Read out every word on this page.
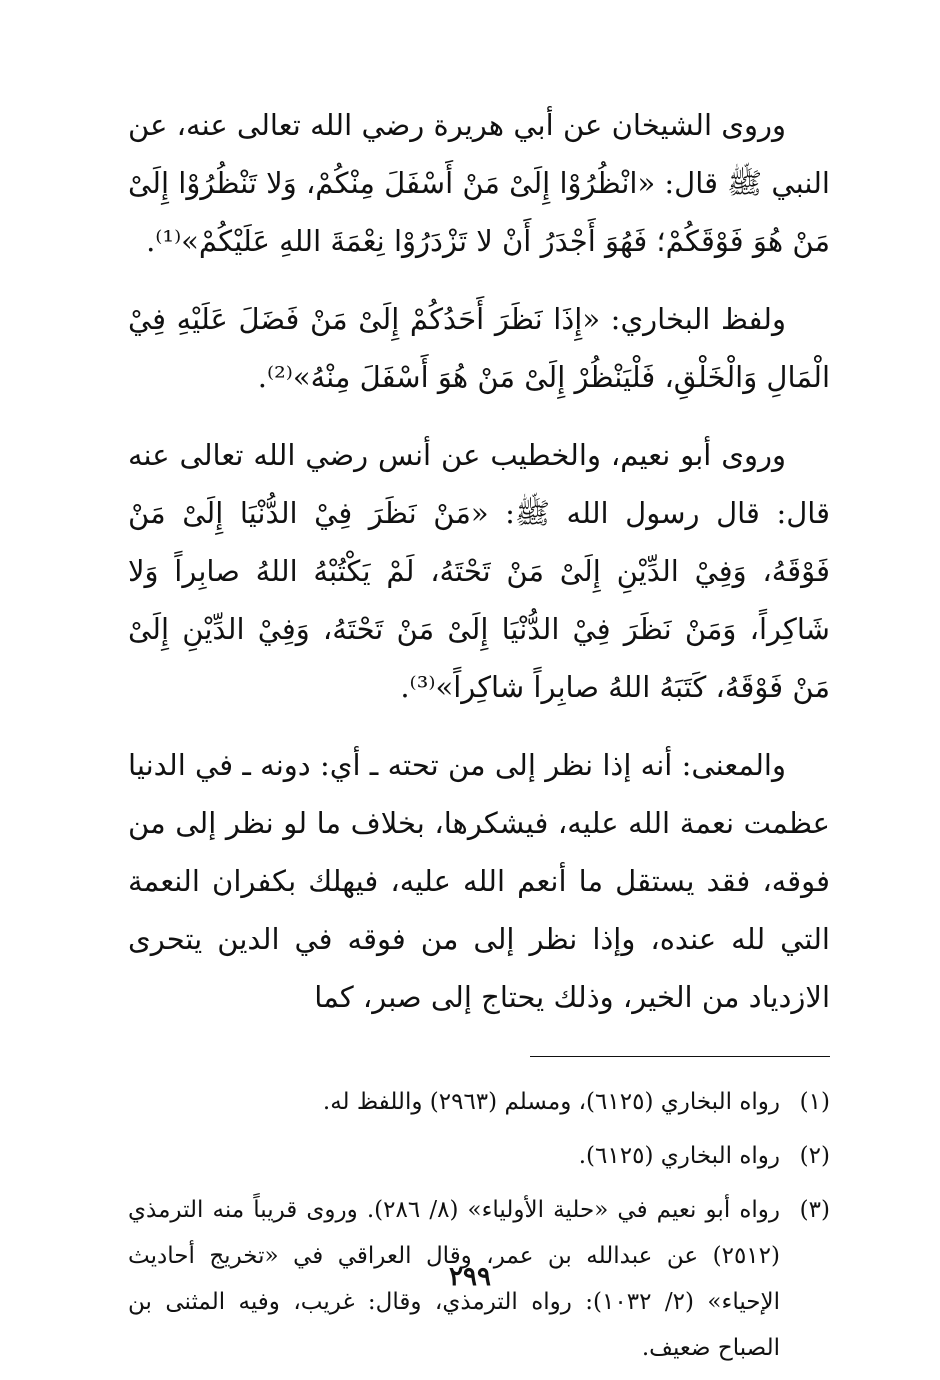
وروى الشيخان عن أبي هريرة رضي الله تعالى عنه، عن النبي ﷺ قال: «انْظُرُوْا إِلَىْ مَنْ أَسْفَلَ مِنْكُمْ، وَلا تَنْظُرُوْا إِلَىْ مَنْ هُوَ فَوْقَكُمْ؛ فَهُوَ أَجْدَرُ أَنْ لا تَزْدَرُوْا نِعْمَةَ اللهِ عَلَيْكُمْ»⁽¹⁾.

ولفظ البخاري: «إِذَا نَظَرَ أَحَدُكُمْ إِلَىْ مَنْ فَضَلَ عَلَيْهِ فِيْ الْمَالِ وَالْخَلْقِ، فَلْيَنْظُرْ إِلَىْ مَنْ هُوَ أَسْفَلَ مِنْهُ»⁽²⁾.

وروى أبو نعيم، والخطيب عن أنس رضي الله تعالى عنه قال: قال رسول الله ﷺ: «مَنْ نَظَرَ فِيْ الدُّنْيَا إِلَىْ مَنْ فَوْقَهُ، وَفِيْ الدِّيْنِ إِلَىْ مَنْ تَحْتَهُ، لَمْ يَكْتُبْهُ اللهُ صابِراً وَلا شَاكِراً، وَمَنْ نَظَرَ فِيْ الدُّنْيَا إِلَىْ مَنْ تَحْتَهُ، وَفِيْ الدِّيْنِ إِلَىْ مَنْ فَوْقَهُ، كَتَبَهُ اللهُ صابِراً شاكِراً»⁽³⁾.

والمعنى: أنه إذا نظر إلى من تحته ـ أي: دونه ـ في الدنيا عظمت نعمة الله عليه، فيشكرها، بخلاف ما لو نظر إلى من فوقه، فقد يستقل ما أنعم الله عليه، فيهلك بكفران النعمة التي لله عنده، وإذا نظر إلى من فوقه في الدين يتحرى الازدياد من الخير، وذلك يحتاج إلى صبر، كما

(١)
رواه البخاري (٦١٢٥)، ومسلم (٢٩٦٣) واللفظ له.
(٢)
رواه البخاري (٦١٢٥).
(٣)
رواه أبو نعيم في «حلية الأولياء» (٨/ ٢٨٦). وروى قريباً منه الترمذي (٢٥١٢) عن عبدالله بن عمر، وقال العراقي في «تخريج أحاديث الإحياء» (٢/ ١٠٣٢): رواه الترمذي، وقال: غريب، وفيه المثنى بن الصباح ضعيف.
٢٩٩
